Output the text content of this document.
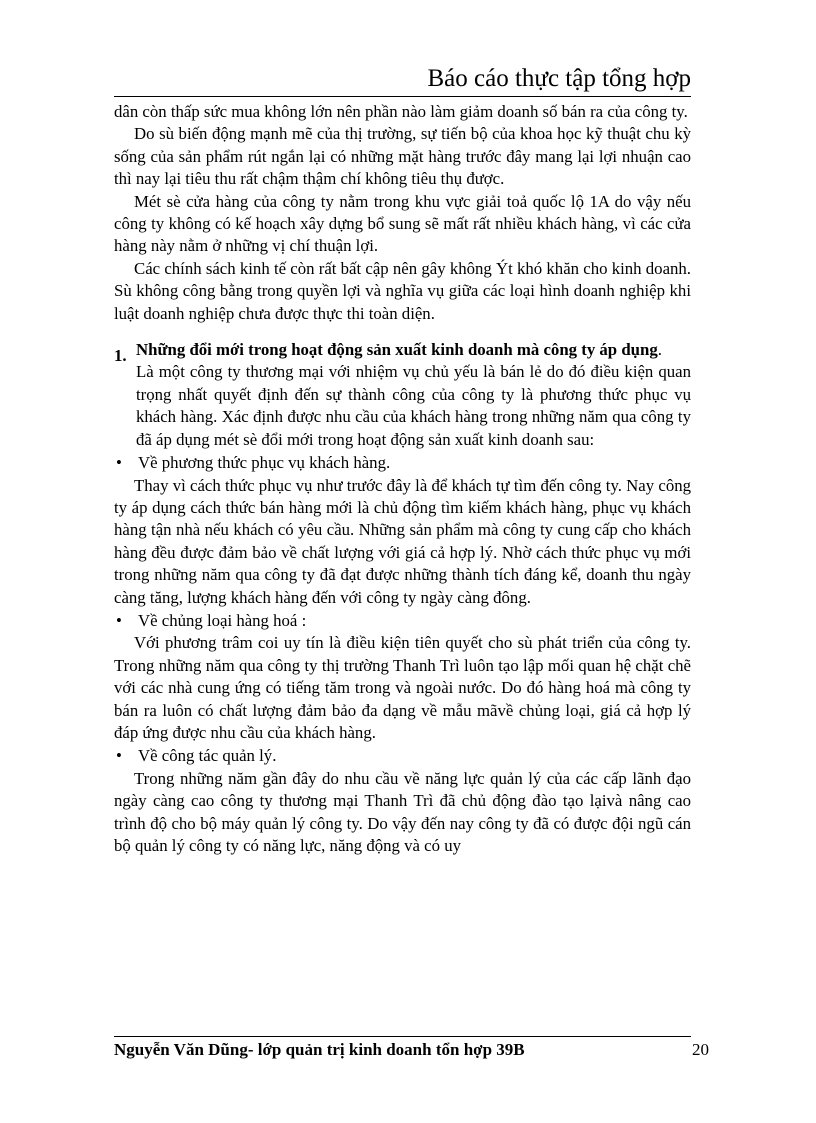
Báo cáo thực tập tổng hợp

dân còn thấp sức mua không lớn nên phần nào làm giảm doanh số bán ra của công ty.

Do sù biến động mạnh mẽ của thị trường, sự tiến bộ của khoa học kỹ thuật chu kỳ sống của sản phẩm rút ngắn lại có những mặt hàng trước đây mang lại lợi nhuận cao thì nay lại tiêu thu rất chậm thậm chí không tiêu thụ được.

Mét sè cửa hàng của công ty nằm trong khu vực giải toả quốc lộ 1A do vậy nếu công ty không có kế hoạch xây dựng bổ sung sẽ mất rất nhiều khách hàng, vì các cửa hàng này nằm ở những vị chí thuận lợi.

Các chính sách kinh tế còn rất bất cập nên gây không Ýt khó khăn cho kinh doanh. Sù không công bằng trong quyền lợi và nghĩa vụ giữa các loại hình doanh nghiệp khi luật doanh nghiệp chưa được thực thi toàn diện.

1. Những đổi mới trong hoạt động sản xuất kinh doanh mà công ty áp dụng.

Là một công ty thương mại với nhiệm vụ chủ yếu là bán lẻ do đó điều kiện quan trọng nhất quyết định đến sự thành công của công ty là phương thức phục vụ khách hàng. Xác định được nhu cầu của khách hàng trong những năm qua công ty đã áp dụng mét sè đổi mới trong hoạt động sản xuất kinh doanh sau:

• Về phương thức phục vụ khách hàng.

Thay vì cách thức phục vụ như trước đây là để khách tự tìm đến công ty. Nay công ty áp dụng cách thức bán hàng mới là chủ động tìm kiếm khách hàng, phục vụ khách hàng tận nhà nếu khách có yêu cầu. Những sản phẩm mà công ty cung cấp cho khách hàng đều được đảm bảo về chất lượng với giá cả hợp lý. Nhờ cách thức phục vụ mới trong những năm qua công ty đã đạt được những thành tích đáng kể, doanh thu ngày càng tăng, lượng khách hàng đến với công ty ngày càng đông.

• Về chủng loại hàng hoá :

Với phương trâm coi uy tín là điều kiện tiên quyết cho sù phát triển của công ty. Trong những năm qua công ty thị trường Thanh Trì luôn tạo lập mối quan hệ chặt chẽ với các nhà cung ứng có tiếng tăm trong và ngoài nước. Do đó hàng hoá mà công ty bán ra luôn có chất lượng đảm bảo đa dạng về mẫu mãvề chủng loại, giá cả hợp lý đáp ứng được nhu cầu của khách hàng.

• Về công tác quản lý.

Trong những năm gần đây do nhu cầu về năng lực quản lý của các cấp lãnh đạo ngày càng cao công ty thương mại Thanh Trì đã chủ động đào tạo lạivà nâng cao trình độ cho bộ máy quản lý công ty. Do vậy đến nay công ty đã có được đội ngũ cán bộ quản lý công ty có năng lực, năng động và có uy

Nguyễn Văn Dũng- lớp quản trị kinh doanh tổn hợp 39B	20
